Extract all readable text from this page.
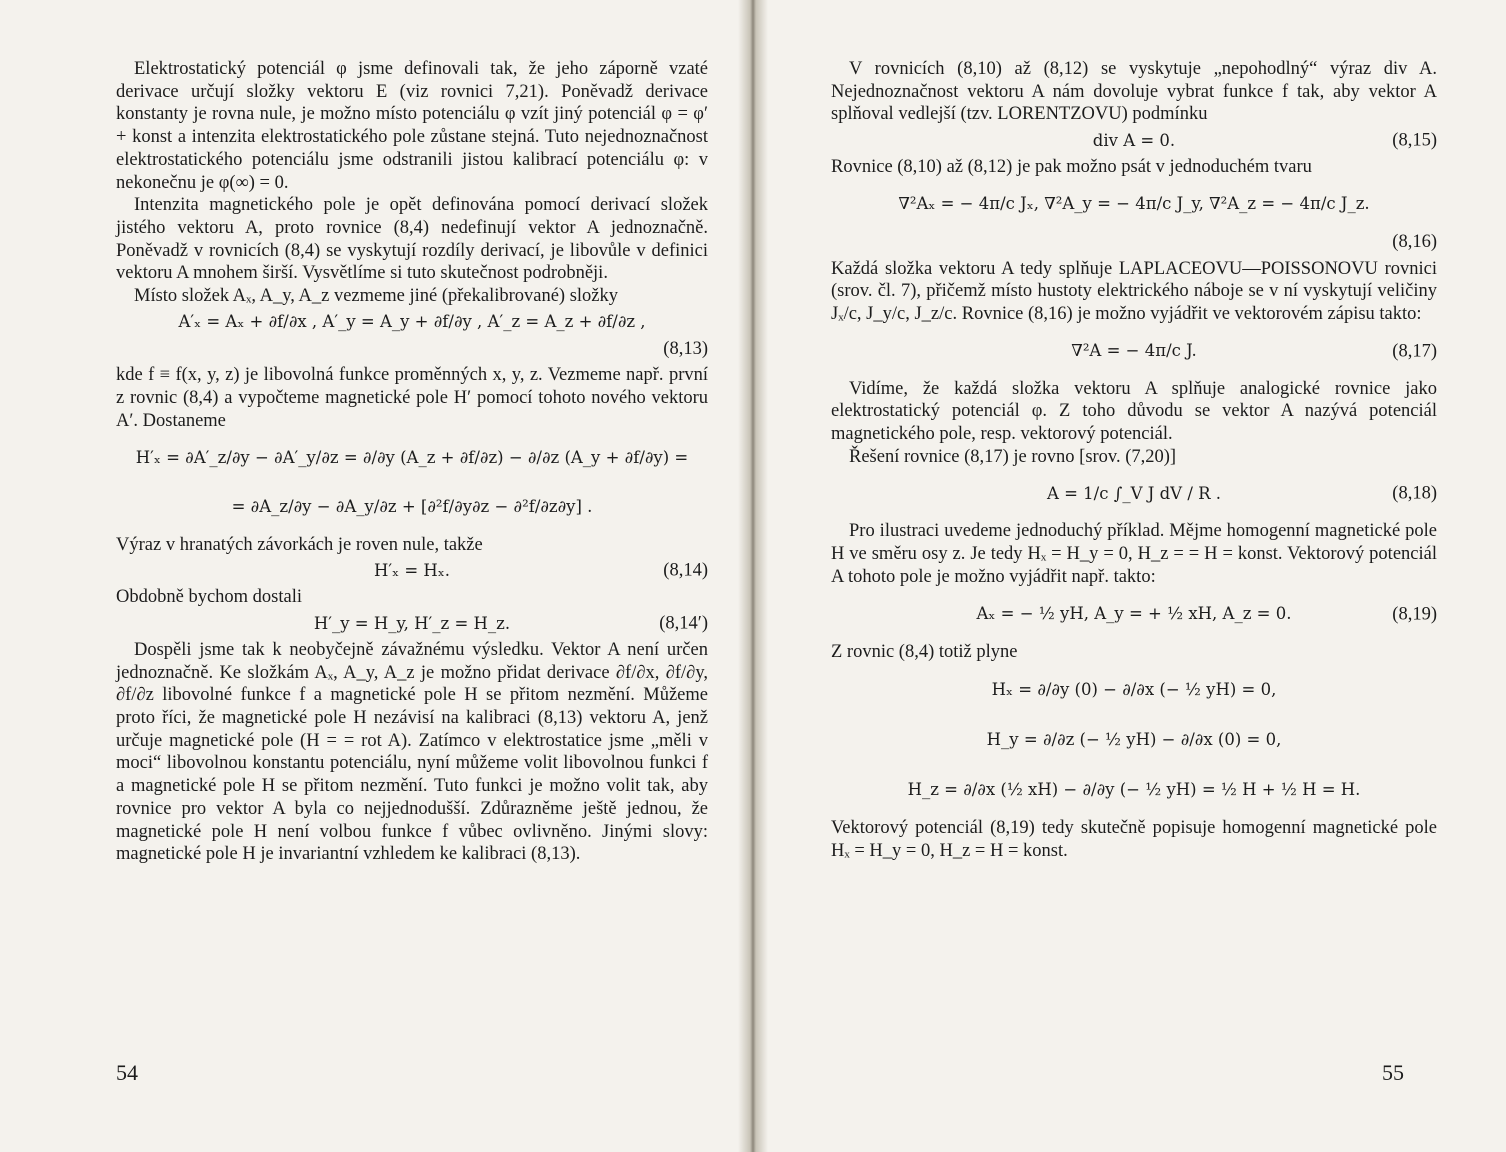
Elektrostatický potenciál φ jsme definovali tak, že jeho záporně vzaté derivace určují složky vektoru E (viz rovnici 7,21). Poněvadž derivace konstanty je rovna nule, je možno místo potenciálu φ vzít jiný potenciál φ = φ′ + konst a intenzita elektrostatického pole zůstane stejná. Tuto nejednoznačnost elektrostatického potenciálu jsme odstranili jistou kalibrací potenciálu φ: v nekonečnu je φ(∞) = 0.

Intenzita magnetického pole je opět definována pomocí derivací složek jistého vektoru A, proto rovnice (8,4) nedefinují vektor A jednoznačně. Poněvadž v rovnicích (8,4) se vyskytují rozdíly derivací, je libovůle v definici vektoru A mnohem širší. Vysvětlíme si tuto skutečnost podrobněji.

Místo složek Aₓ, A_y, A_z vezmeme jiné (překalibrované) složky

A′ₓ = Aₓ + ∂f/∂x , A′_y = A_y + ∂f/∂y , A′_z = A_z + ∂f/∂z ,
(8,13)

kde f ≡ f(x, y, z) je libovolná funkce proměnných x, y, z. Vezmeme např. první z rovnic (8,4) a vypočteme magnetické pole H′ pomocí tohoto nového vektoru A′. Dostaneme

H′ₓ = ∂A′_z/∂y − ∂A′_y/∂z = ∂/∂y (A_z + ∂f/∂z) − ∂/∂z (A_y + ∂f/∂y) =
= ∂A_z/∂y − ∂A_y/∂z + [∂²f/∂y∂z − ∂²f/∂z∂y] .

Výraz v hranatých závorkách je roven nule, takže

H′ₓ = Hₓ.	(8,14)

Obdobně bychom dostali

H′_y = H_y, H′_z = H_z.	(8,14′)

Dospěli jsme tak k neobyčejně závažnému výsledku. Vektor A není určen jednoznačně. Ke složkám Aₓ, A_y, A_z je možno přidat derivace ∂f/∂x, ∂f/∂y, ∂f/∂z libovolné funkce f a magnetické pole H se přitom nezmění. Můžeme proto říci, že magnetické pole H nezávisí na kalibraci (8,13) vektoru A, jenž určuje magnetické pole (H = = rot A). Zatímco v elektrostatice jsme „měli v moci“ libovolnou konstantu potenciálu, nyní můžeme volit libovolnou funkci f a magnetické pole H se přitom nezmění. Tuto funkci je možno volit tak, aby rovnice pro vektor A byla co nejjednodušší. Zdůrazněme ještě jednou, že magnetické pole H není volbou funkce f vůbec ovlivněno. Jinými slovy: magnetické pole H je invariantní vzhledem ke kalibraci (8,13).

54

V rovnicích (8,10) až (8,12) se vyskytuje „nepohodlný“ výraz div A. Nejednoznačnost vektoru A nám dovoluje vybrat funkce f tak, aby vektor A splňoval vedlejší (tzv. LORENTZOVU) podmínku

div A = 0.	(8,15)

Rovnice (8,10) až (8,12) je pak možno psát v jednoduchém tvaru

∇²Aₓ = − 4π/c Jₓ, ∇²A_y = − 4π/c J_y, ∇²A_z = − 4π/c J_z.
(8,16)

Každá složka vektoru A tedy splňuje LAPLACEOVU—POISSONOVU rovnici (srov. čl. 7), přičemž místo hustoty elektrického náboje se v ní vyskytují veličiny Jₓ/c, J_y/c, J_z/c. Rovnice (8,16) je možno vyjádřit ve vektorovém zápisu takto:

∇²A = − 4π/c J.	(8,17)

Vidíme, že každá složka vektoru A splňuje analogické rovnice jako elektrostatický potenciál φ. Z toho důvodu se vektor A nazývá potenciál magnetického pole, resp. vektorový potenciál.

Řešení rovnice (8,17) je rovno [srov. (7,20)]

A = 1/c ∫_V J dV / R .	(8,18)

Pro ilustraci uvedeme jednoduchý příklad. Mějme homogenní magnetické pole H ve směru osy z. Je tedy Hₓ = H_y = 0, H_z = = H = konst. Vektorový potenciál A tohoto pole je možno vyjádřit např. takto:

Aₓ = − ½ yH, A_y = + ½ xH, A_z = 0.	(8,19)

Z rovnic (8,4) totiž plyne

Hₓ = ∂/∂y (0) − ∂/∂x (− ½ yH) = 0,
H_y = ∂/∂z (− ½ yH) − ∂/∂x (0) = 0,
H_z = ∂/∂x (½ xH) − ∂/∂y (− ½ yH) = ½ H + ½ H = H.

Vektorový potenciál (8,19) tedy skutečně popisuje homogenní magnetické pole Hₓ = H_y = 0, H_z = H = konst.

55
